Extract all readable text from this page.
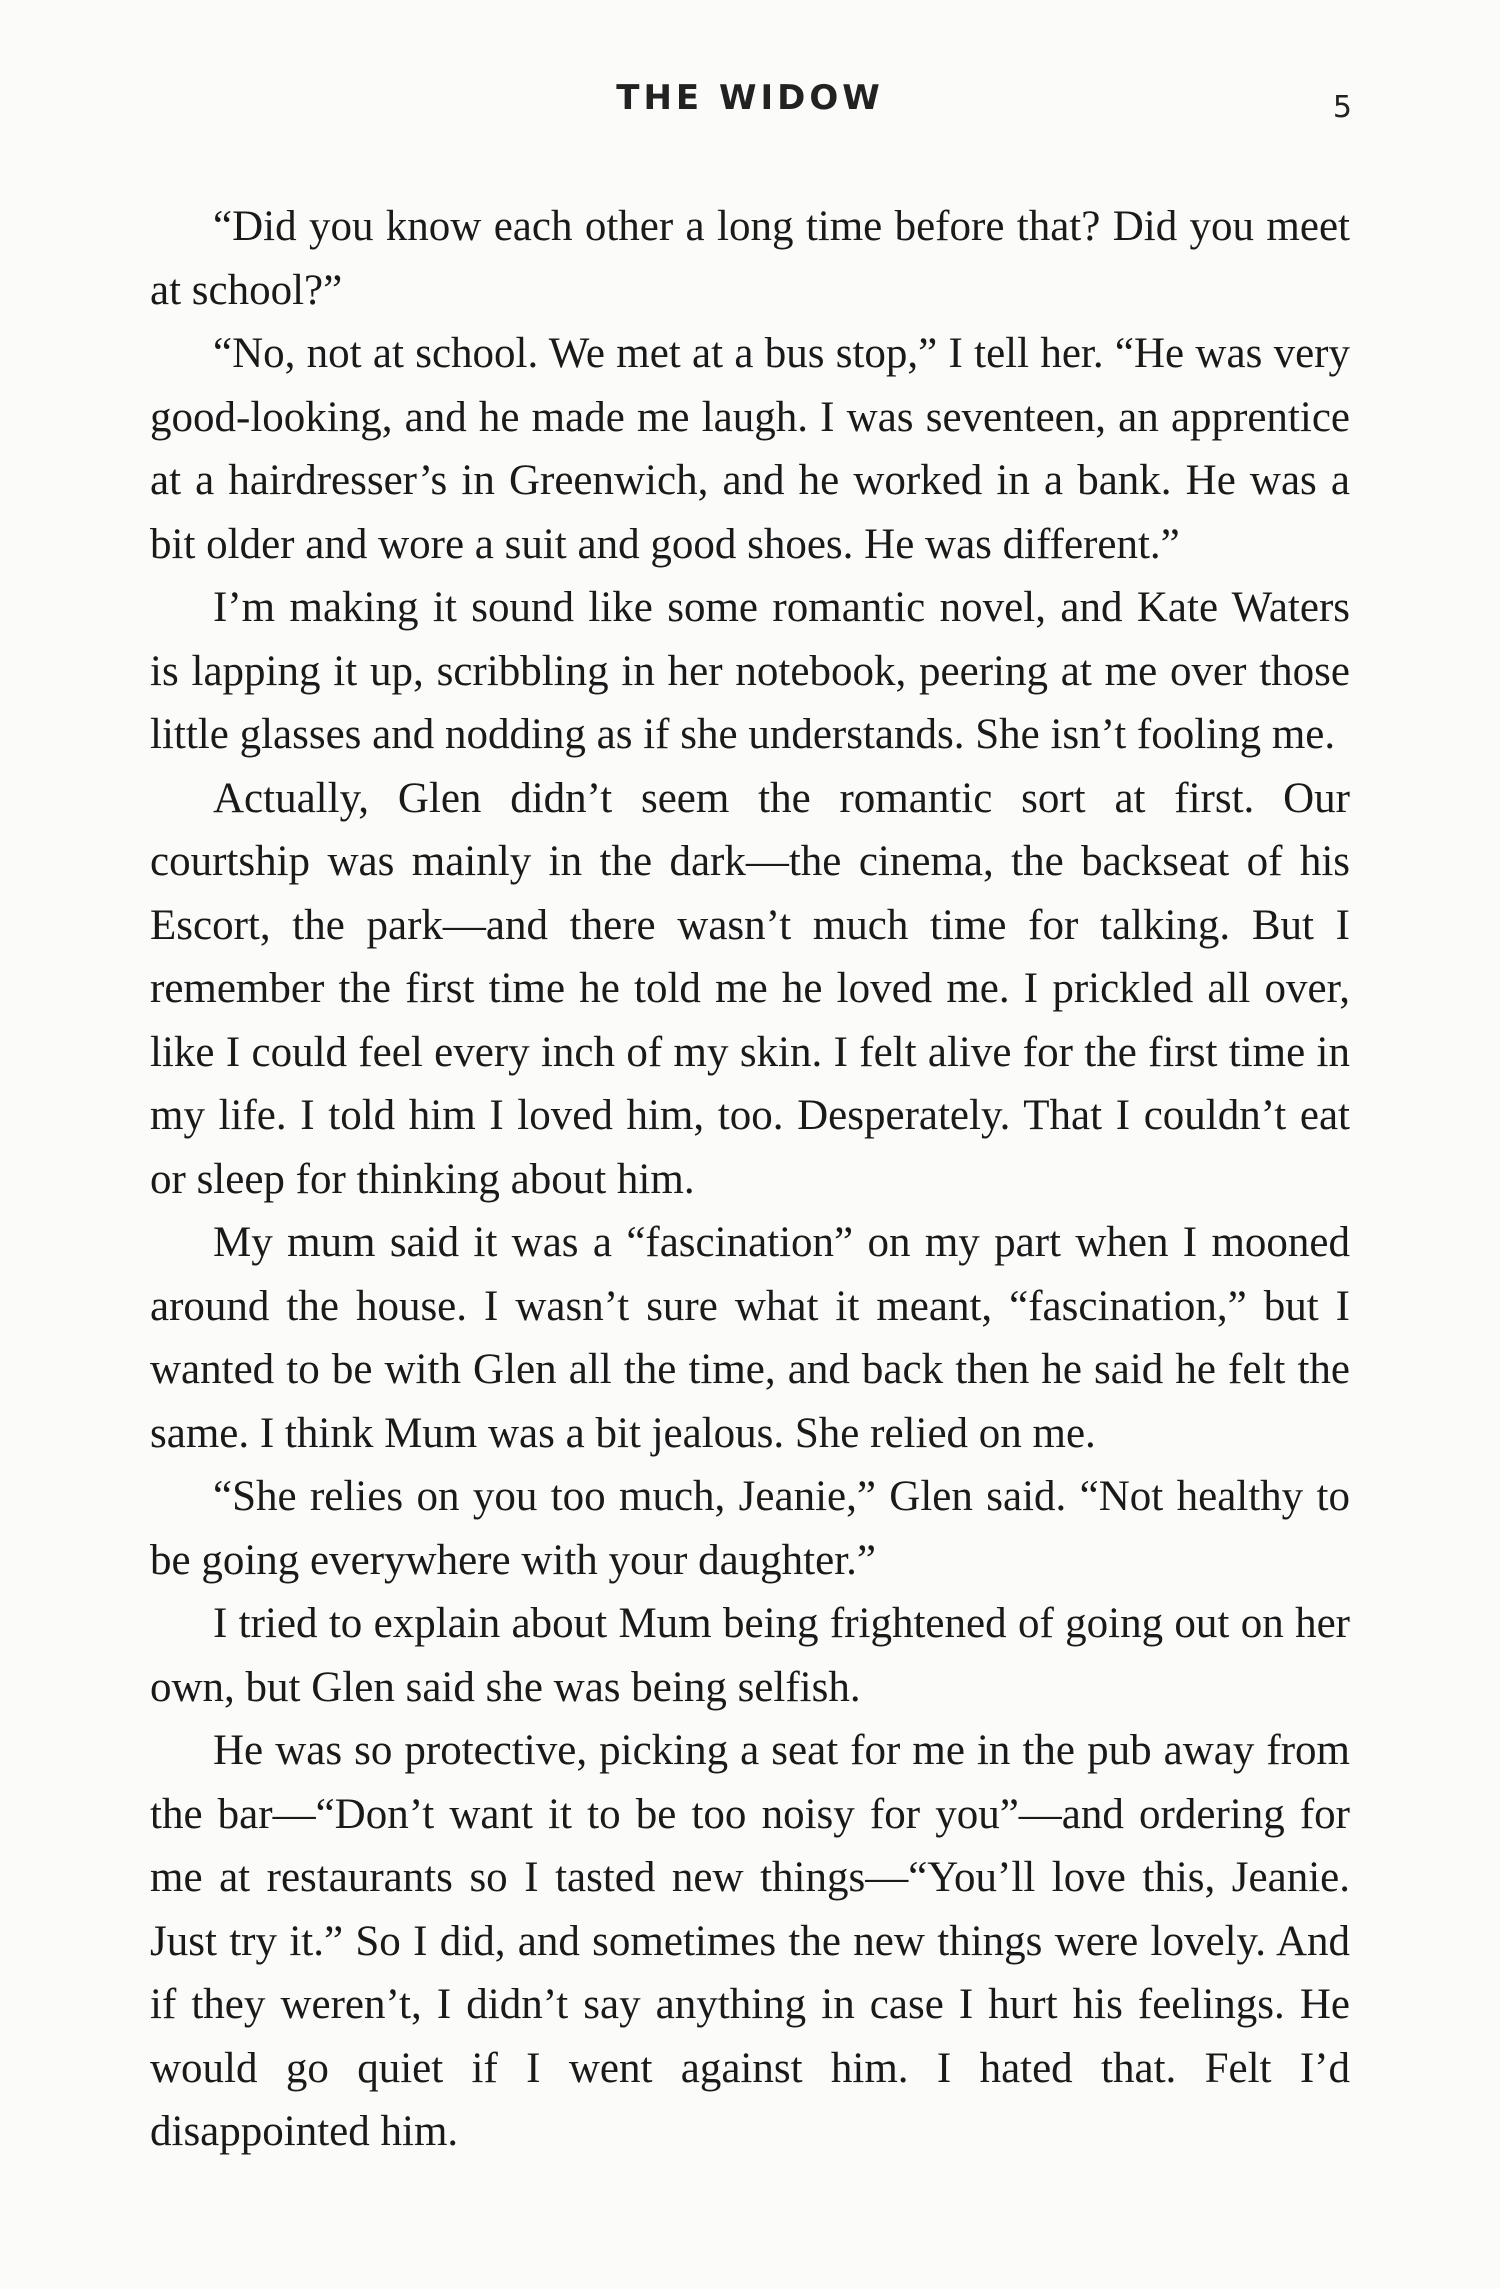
THE WIDOW	5

“Did you know each other a long time before that? Did you meet at school?”

“No, not at school. We met at a bus stop,” I tell her. “He was very good-looking, and he made me laugh. I was seventeen, an apprentice at a hairdresser’s in Greenwich, and he worked in a bank. He was a bit older and wore a suit and good shoes. He was different.”

I’m making it sound like some romantic novel, and Kate Waters is lapping it up, scribbling in her notebook, peering at me over those little glasses and nodding as if she understands. She isn’t fooling me.

Actually, Glen didn’t seem the romantic sort at first. Our courtship was mainly in the dark—the cinema, the backseat of his Escort, the park—and there wasn’t much time for talking. But I remember the first time he told me he loved me. I prickled all over, like I could feel every inch of my skin. I felt alive for the first time in my life. I told him I loved him, too. Desperately. That I couldn’t eat or sleep for thinking about him.

My mum said it was a “fascination” on my part when I mooned around the house. I wasn’t sure what it meant, “fascination,” but I wanted to be with Glen all the time, and back then he said he felt the same. I think Mum was a bit jealous. She relied on me.

“She relies on you too much, Jeanie,” Glen said. “Not healthy to be going everywhere with your daughter.”

I tried to explain about Mum being frightened of going out on her own, but Glen said she was being selfish.

He was so protective, picking a seat for me in the pub away from the bar—“Don’t want it to be too noisy for you”—and ordering for me at restaurants so I tasted new things—“You’ll love this, Jeanie. Just try it.” So I did, and sometimes the new things were lovely. And if they weren’t, I didn’t say anything in case I hurt his feelings. He would go quiet if I went against him. I hated that. Felt I’d disappointed him.
